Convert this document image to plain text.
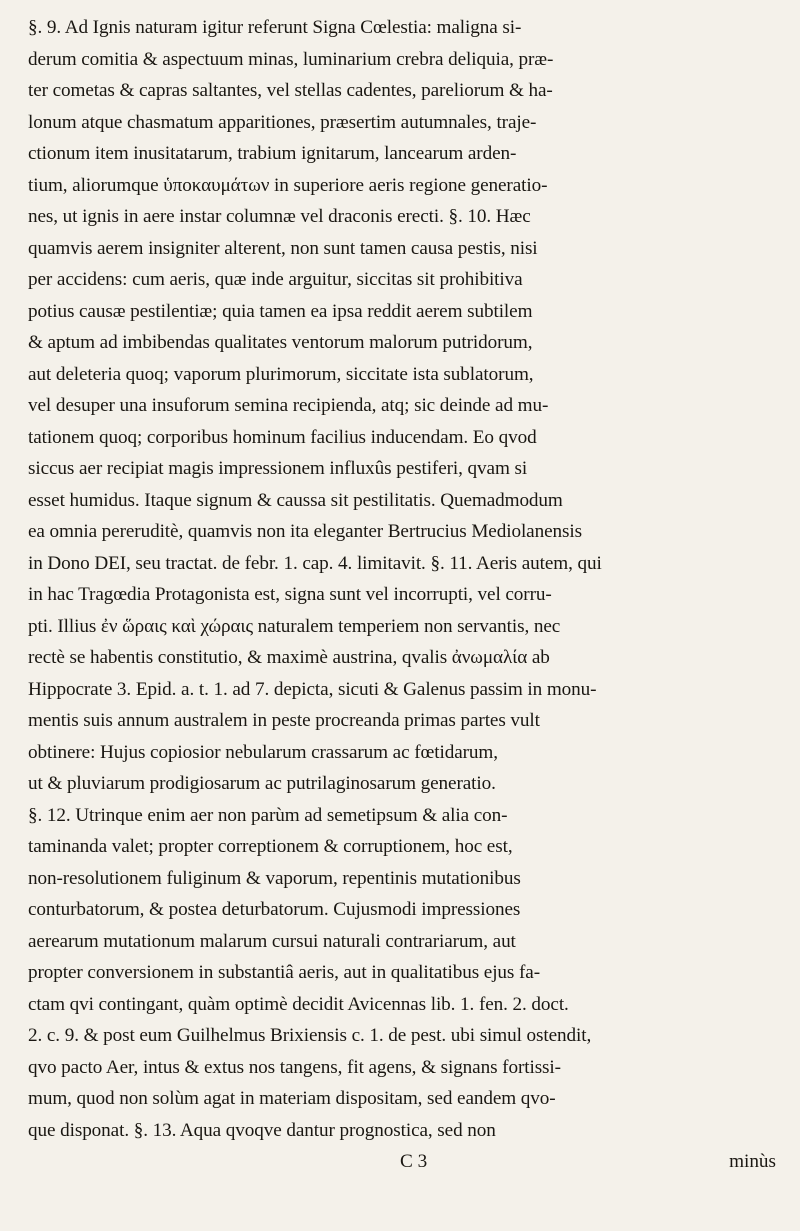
§. 9. Ad Ignis naturam igitur referunt Signa Cœlestia: maligna si-
derum comitia & aspectuum minas, luminarium crebra deliquia, præ-
ter cometas & capras saltantes, vel stellas cadentes, pareliorum & ha-
lonum atque chasmatum apparitiones, præsertim autumnales, traje-
ctionum item inusitatarum, trabium ignitarum, lancearum arden-
tium, aliorumque ὑποκαυμάτων in superiore aeris regione generatio-
nes, ut ignis in aere instar columnæ vel draconis erecti. §. 10. Hæc
quamvis aerem insigniter alterent, non sunt tamen causa pestis, nisi
per accidens: cum aeris, quæ inde arguitur, siccitas sit prohibitiva
potius causæ pestilentiæ; quia tamen ea ipsa reddit aerem subtilem
& aptum ad imbibendas qualitates ventorum malorum putridorum,
aut deleteria quoq; vaporum plurimorum, siccitate ista sublatorum,
vel desuper una insuforum semina recipienda, atq; sic deinde ad mu-
tationem quoq; corporibus hominum facilius inducendam. Eo qvod
siccus aer recipiat magis impressionem influxûs pestiferi, qvam si
esset humidus. Itaque signum & caussa sit pestilitatis. Quemadmodum
ea omnia pereruditè, quamvis non ita eleganter Bertrucius Mediolanensis
in Dono DEI, seu tractat. de febr. 1. cap. 4. limitavit. §. 11. Aeris autem, qui
in hac Tragœdia Protagonista est, signa sunt vel incorrupti, vel corru-
pti. Illius ἐν ὥραις καὶ χώραις naturalem temperiem non servantis, nec
rectè se habentis constitutio, & maximè austrina, qvalis ἀνωμαλία ab
Hippocrate 3. Epid. a. t. 1. ad 7. depicta, sicuti & Galenus passim in monu-
mentis suis annum australem in peste procreanda primas partes vult
obtinere: Hujus copiosior nebularum crassarum ac fœtidarum,
ut & pluviarum prodigiosarum ac putrilaginosarum generatio.
§. 12. Utrinque enim aer non parùm ad semetipsum & alia con-
taminanda valet; propter correptionem & corruptionem, hoc est,
non-resolutionem fuliginum & vaporum, repentinis mutationibus
conturbatorum, & postea deturbatorum. Cujusmodi impressiones
aerearum mutationum malarum cursui naturali contrariarum, aut
propter conversionem in substantiâ aeris, aut in qualitatibus ejus fa-
ctam qvi contingant, quàm optimè decidit Avicennas lib. 1. fen. 2. doct.
2. c. 9. & post eum Guilhelmus Brixiensis c. 1. de pest. ubi simul ostendit,
qvo pacto Aer, intus & extus nos tangens, fit agens, & signans fortissi-
mum, quod non solùm agat in materiam dispositam, sed eandem qvo-
que disponat. §. 13. Aqua qvoqve dantur prognostica, sed non
C 3	minùs
